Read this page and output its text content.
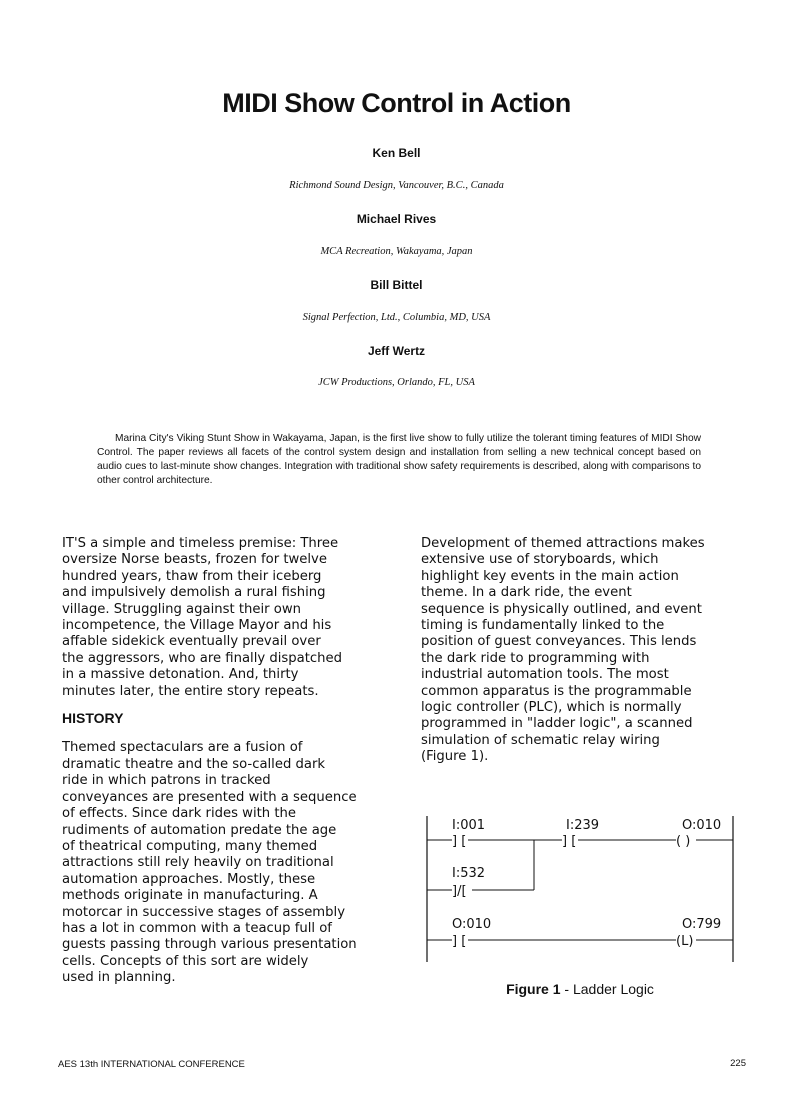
MIDI Show Control in Action
Ken Bell
Richmond Sound Design, Vancouver, B.C., Canada
Michael Rives
MCA Recreation, Wakayama, Japan
Bill Bittel
Signal Perfection, Ltd., Columbia, MD, USA
Jeff Wertz
JCW Productions, Orlando, FL, USA
Marina City's Viking Stunt Show in Wakayama, Japan, is the first live show to fully utilize the tolerant timing features of MIDI Show Control. The paper reviews all facets of the control system design and installation from selling a new technical concept based on audio cues to last-minute show changes. Integration with traditional show safety requirements is described, along with comparisons to other control architecture.

IT'S a simple and timeless premise: Three

oversize Norse beasts, frozen for twelve

hundred years, thaw from their iceberg

and impulsively demolish a rural fishing

village. Struggling against their own

incompetence, the Village Mayor and his

affable sidekick eventually prevail over

the aggressors, who are finally dispatched

in a massive detonation. And, thirty

minutes later, the entire story repeats.

HISTORY

Themed spectaculars are a fusion of

dramatic theatre and the so-called dark

ride in which patrons in tracked

conveyances are presented with a sequence

of effects. Since dark rides with the

rudiments of automation predate the age

of theatrical computing, many themed

attractions still rely heavily on traditional

automation approaches. Mostly, these

methods originate in manufacturing. A

motorcar in successive stages of assembly

has a lot in common with a teacup full of

guests passing through various presentation

cells. Concepts of this sort are widely

used in planning.

Development of themed attractions makes

extensive use of storyboards, which

highlight key events in the main action

theme. In a dark ride, the event

sequence is physically outlined, and event

timing is fundamentally linked to the

position of guest conveyances. This lends

the dark ride to programming with

industrial automation tools. The most

common apparatus is the programmable

logic controller (PLC), which is normally

programmed in "ladder logic", a scanned

simulation of schematic relay wiring

(Figure 1).

] [	] [	( )
I:001	I:239	O:010
]/[
I:532
] [	(L)
O:010	O:799
Figure 1 - Ladder Logic
AES 13th INTERNATIONAL CONFERENCE	225
